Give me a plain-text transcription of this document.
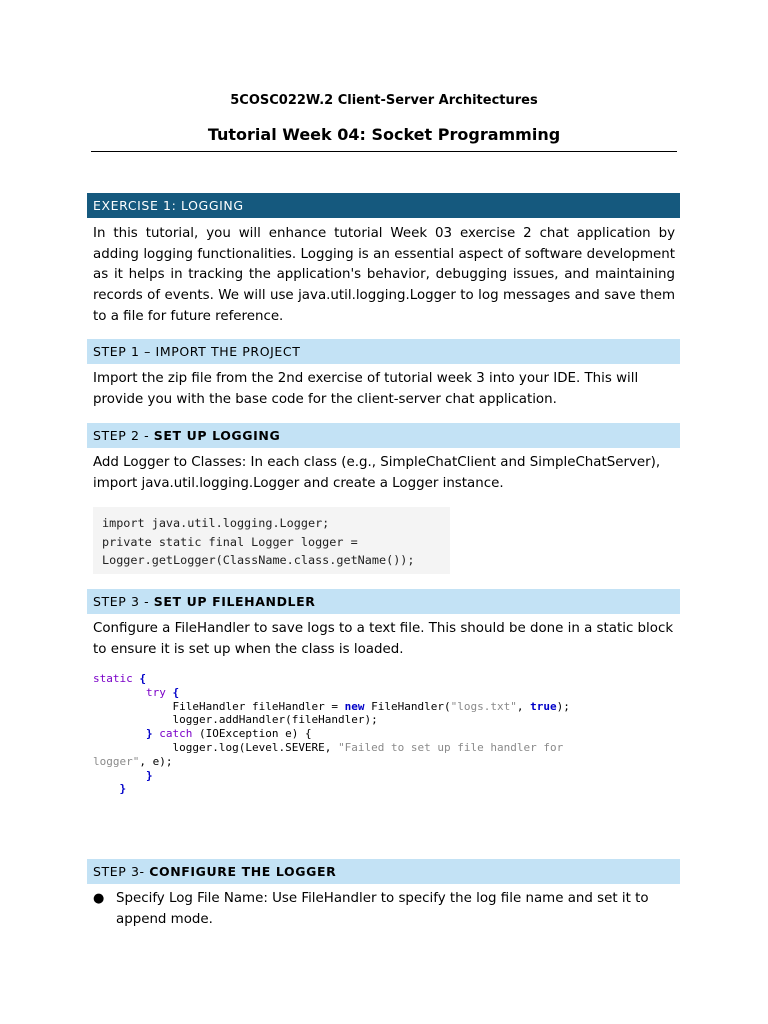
5COSC022W.2 Client-Server Architectures
Tutorial Week 04: Socket Programming
EXERCISE 1: LOGGING
In this tutorial, you will enhance tutorial Week 03 exercise 2 chat application by adding logging functionalities. Logging is an essential aspect of software development as it helps in tracking the application's behavior, debugging issues, and maintaining records of events. We will use java.util.logging.Logger to log messages and save them to a file for future reference.
STEP 1 – IMPORT THE PROJECT
Import the zip file from the 2nd exercise of tutorial week 3 into your IDE. This will provide you with the base code for the client-server chat application.
STEP 2 - SET UP LOGGING
Add Logger to Classes: In each class (e.g., SimpleChatClient and SimpleChatServer), import java.util.logging.Logger and create a Logger instance.
import java.util.logging.Logger;
private static final Logger logger =
Logger.getLogger(ClassName.class.getName());
STEP 3 - SET UP FILEHANDLER
Configure a FileHandler to save logs to a text file. This should be done in a static block to ensure it is set up when the class is loaded.
static {
try {
FileHandler fileHandler = new FileHandler("logs.txt", true);
logger.addHandler(fileHandler);
} catch (IOException e) {
logger.log(Level.SEVERE, "Failed to set up file handler for
logger", e);
}
}
STEP 3- CONFIGURE THE LOGGER
● Specify Log File Name: Use FileHandler to specify the log file name and set it to append mode.
